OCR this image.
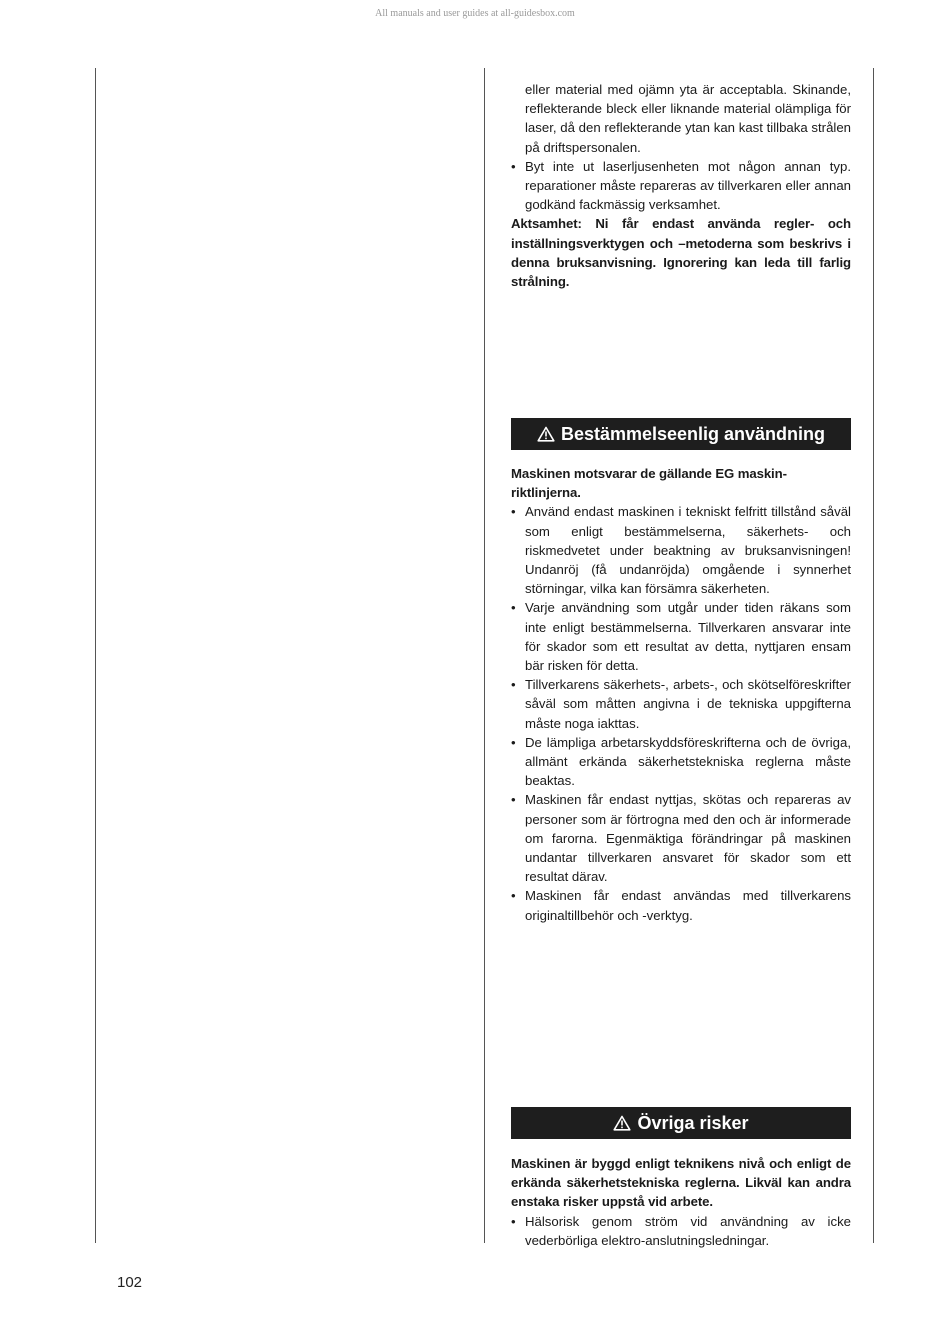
All manuals and user guides at all-guidesbox.com

eller material med ojämn yta är acceptabla. Skinande, reflekterande bleck eller liknande material olämpliga för laser, då den reflekterande ytan kan kast tillbaka strålen på driftspersonalen.

• Byt inte ut laserljusenheten mot någon annan typ. reparationer måste repareras av tillverkaren eller annan godkänd fackmässig verksamhet.

Aktsamhet: Ni får endast använda regler- och inställningsverktygen och –metoderna som beskrivs i denna bruksanvisning. Ignorering kan leda till farlig strålning.

Bestämmelseenlig användning

Maskinen motsvarar de gällande EG maskin-riktlinjerna.

• Använd endast maskinen i tekniskt felfritt tillstånd såväl som enligt bestämmelserna, säkerhets- och riskmedvetet under beaktning av bruksanvisningen! Undanröj (få undanröjda) omgående i synnerhet störningar, vilka kan försämra säkerheten.
• Varje användning som utgår under tiden räkans som inte enligt bestämmelserna. Tillverkaren ansvarar inte för skador som ett resultat av detta, nyttjaren ensam bär risken för detta.
• Tillverkarens säkerhets-, arbets-, och skötselföreskrifter såväl som måtten angivna i de tekniska uppgifterna måste noga iakttas.
• De lämpliga arbetarskyddsföreskrifterna och de övriga, allmänt erkända säkerhetstekniska reglerna måste beaktas.
• Maskinen får endast nyttjas, skötas och repareras av personer som är förtrogna med den och är informerade om farorna. Egenmäktiga förändringar på maskinen undantar tillverkaren ansvaret för skador som ett resultat därav.
• Maskinen får endast användas med tillverkarens originaltillbehör och -verktyg.
Övriga risker

Maskinen är byggd enligt teknikens nivå och enligt de erkända säkerhetstekniska reglerna. Likväl kan andra enstaka risker uppstå vid arbete.

• Hälsorisk genom ström vid användning av icke vederbörliga elektro-anslutningsledningar.
102
